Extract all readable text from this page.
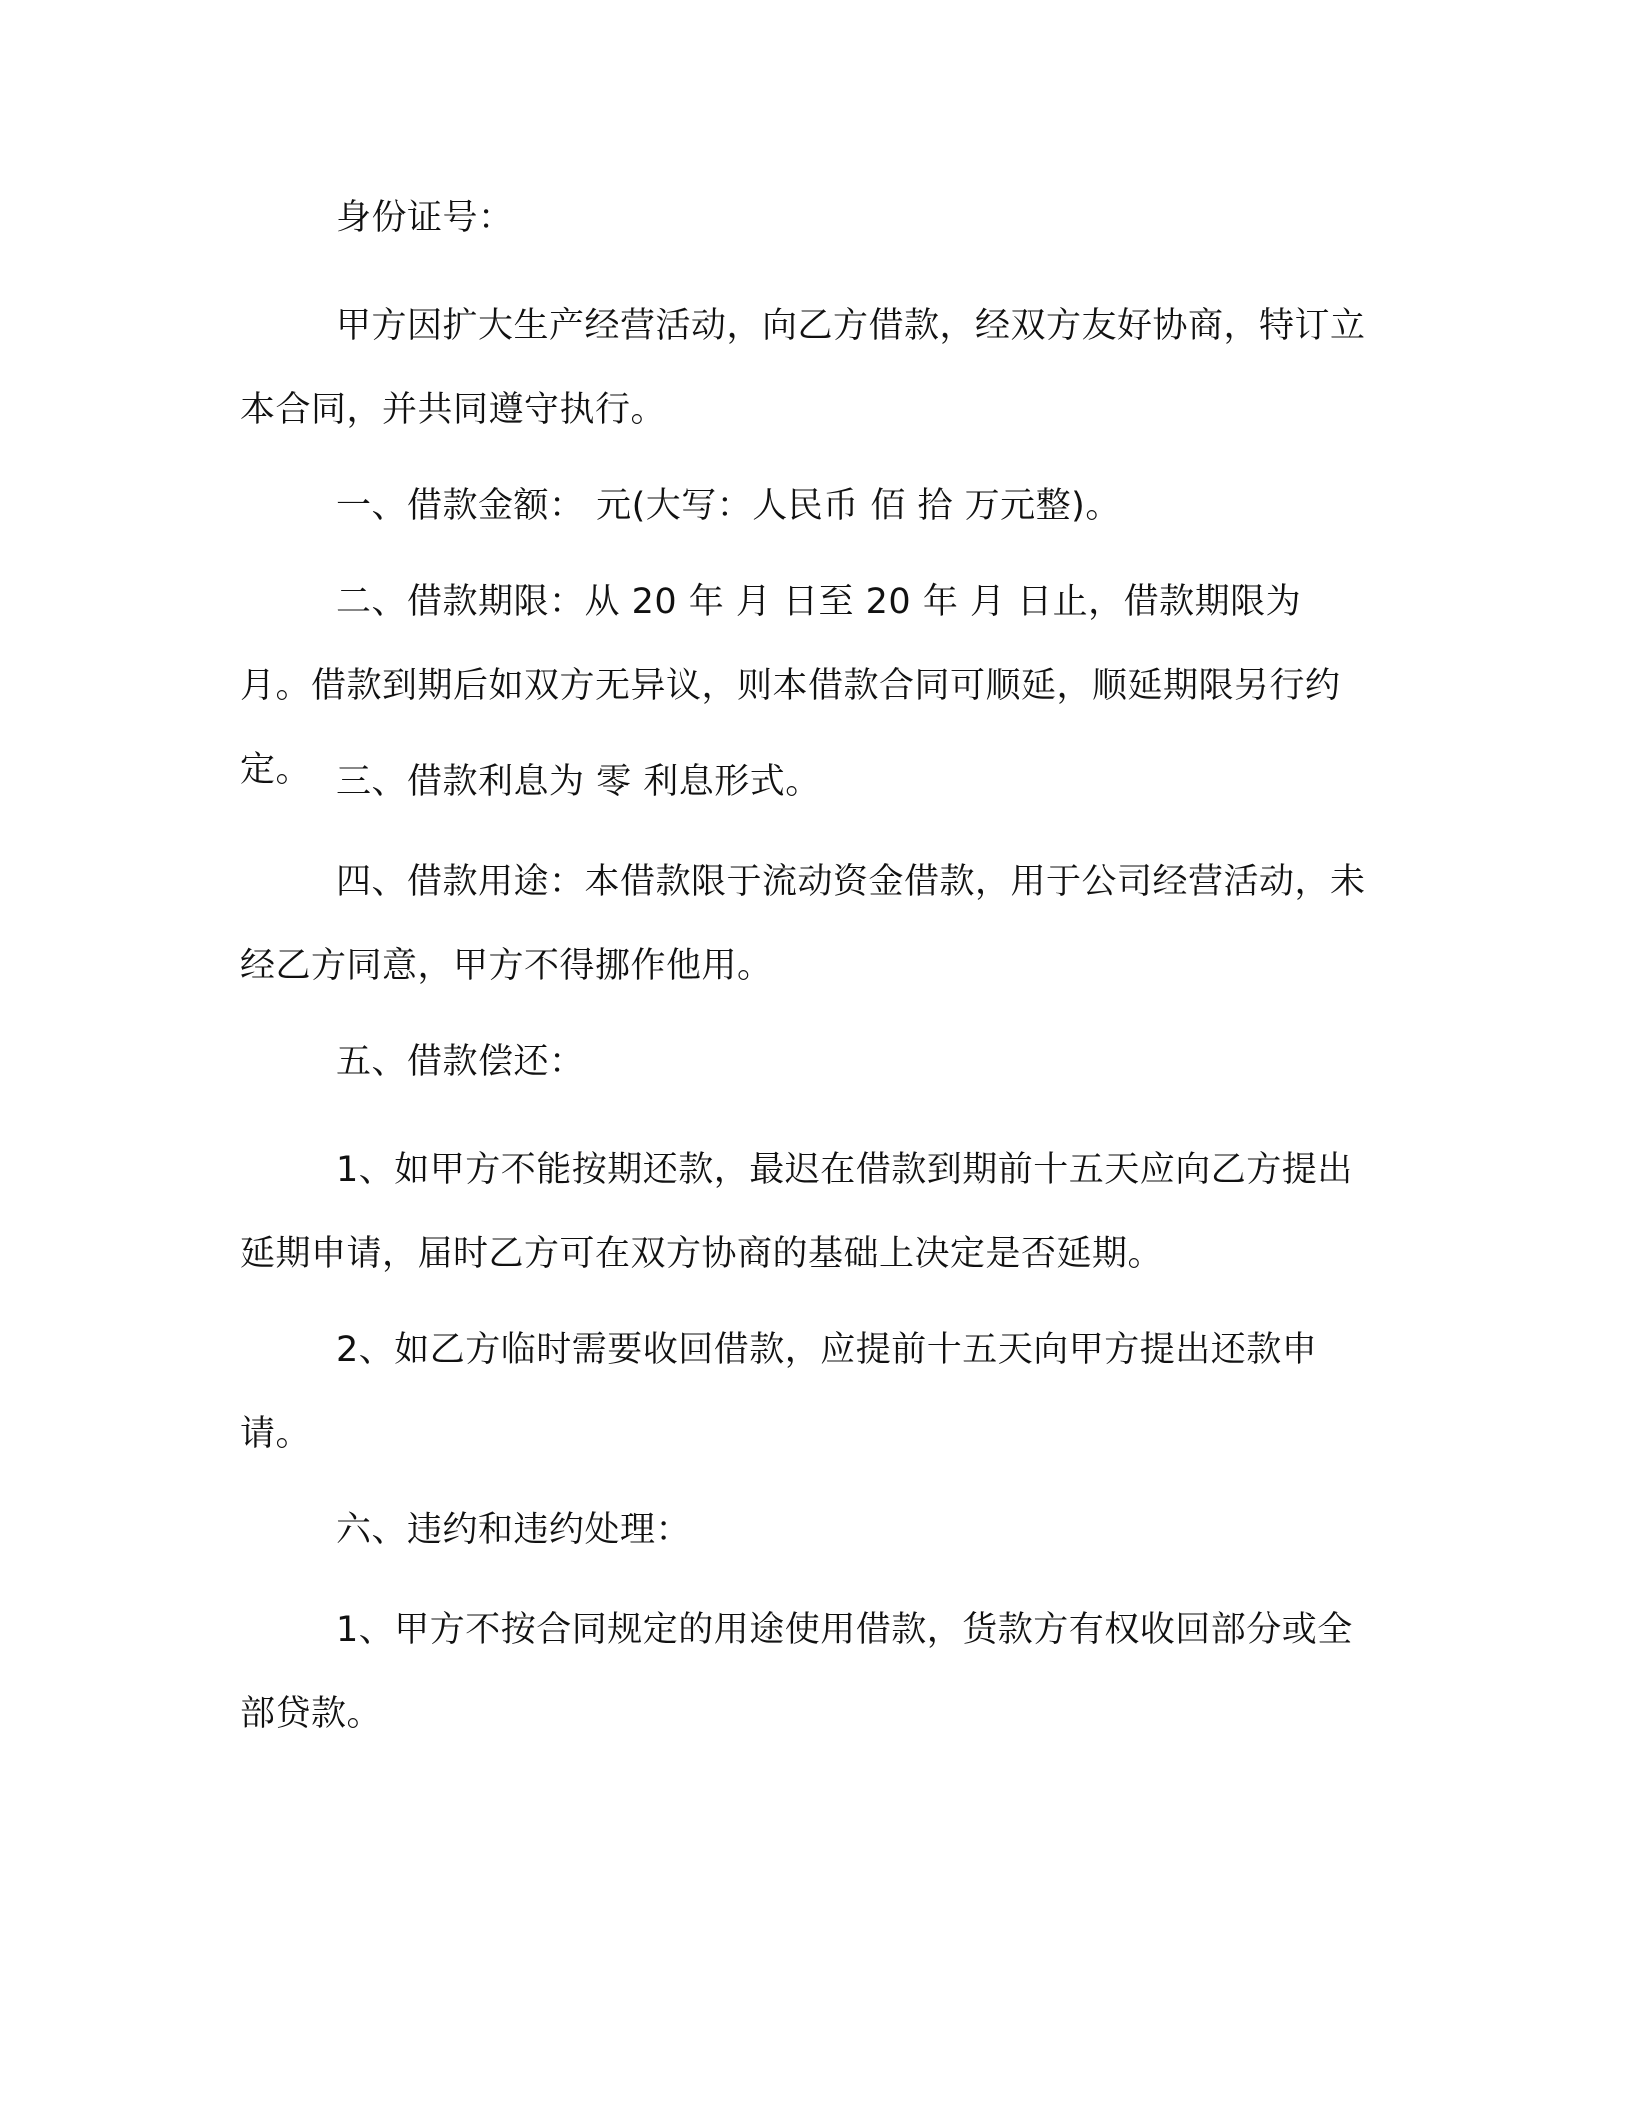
身份证号：

甲方因扩大生产经营活动，向乙方借款，经双方友好协商，特订立本合同，并共同遵守执行。

一、借款金额： 元(大写：人民币 佰 拾 万元整)。

二、借款期限：从 20 年 月 日至 20 年 月 日止，借款期限为 月。借款到期后如双方无异议，则本借款合同可顺延，顺延期限另行约定。 三、借款利息为 零 利息形式。

四、借款用途：本借款限于流动资金借款，用于公司经营活动，未经乙方同意，甲方不得挪作他用。

五、借款偿还：

1、如甲方不能按期还款，最迟在借款到期前十五天应向乙方提出延期申请，届时乙方可在双方协商的基础上决定是否延期。

2、如乙方临时需要收回借款，应提前十五天向甲方提出还款申请。

六、违约和违约处理：

1、甲方不按合同规定的用途使用借款，货款方有权收回部分或全部贷款。
